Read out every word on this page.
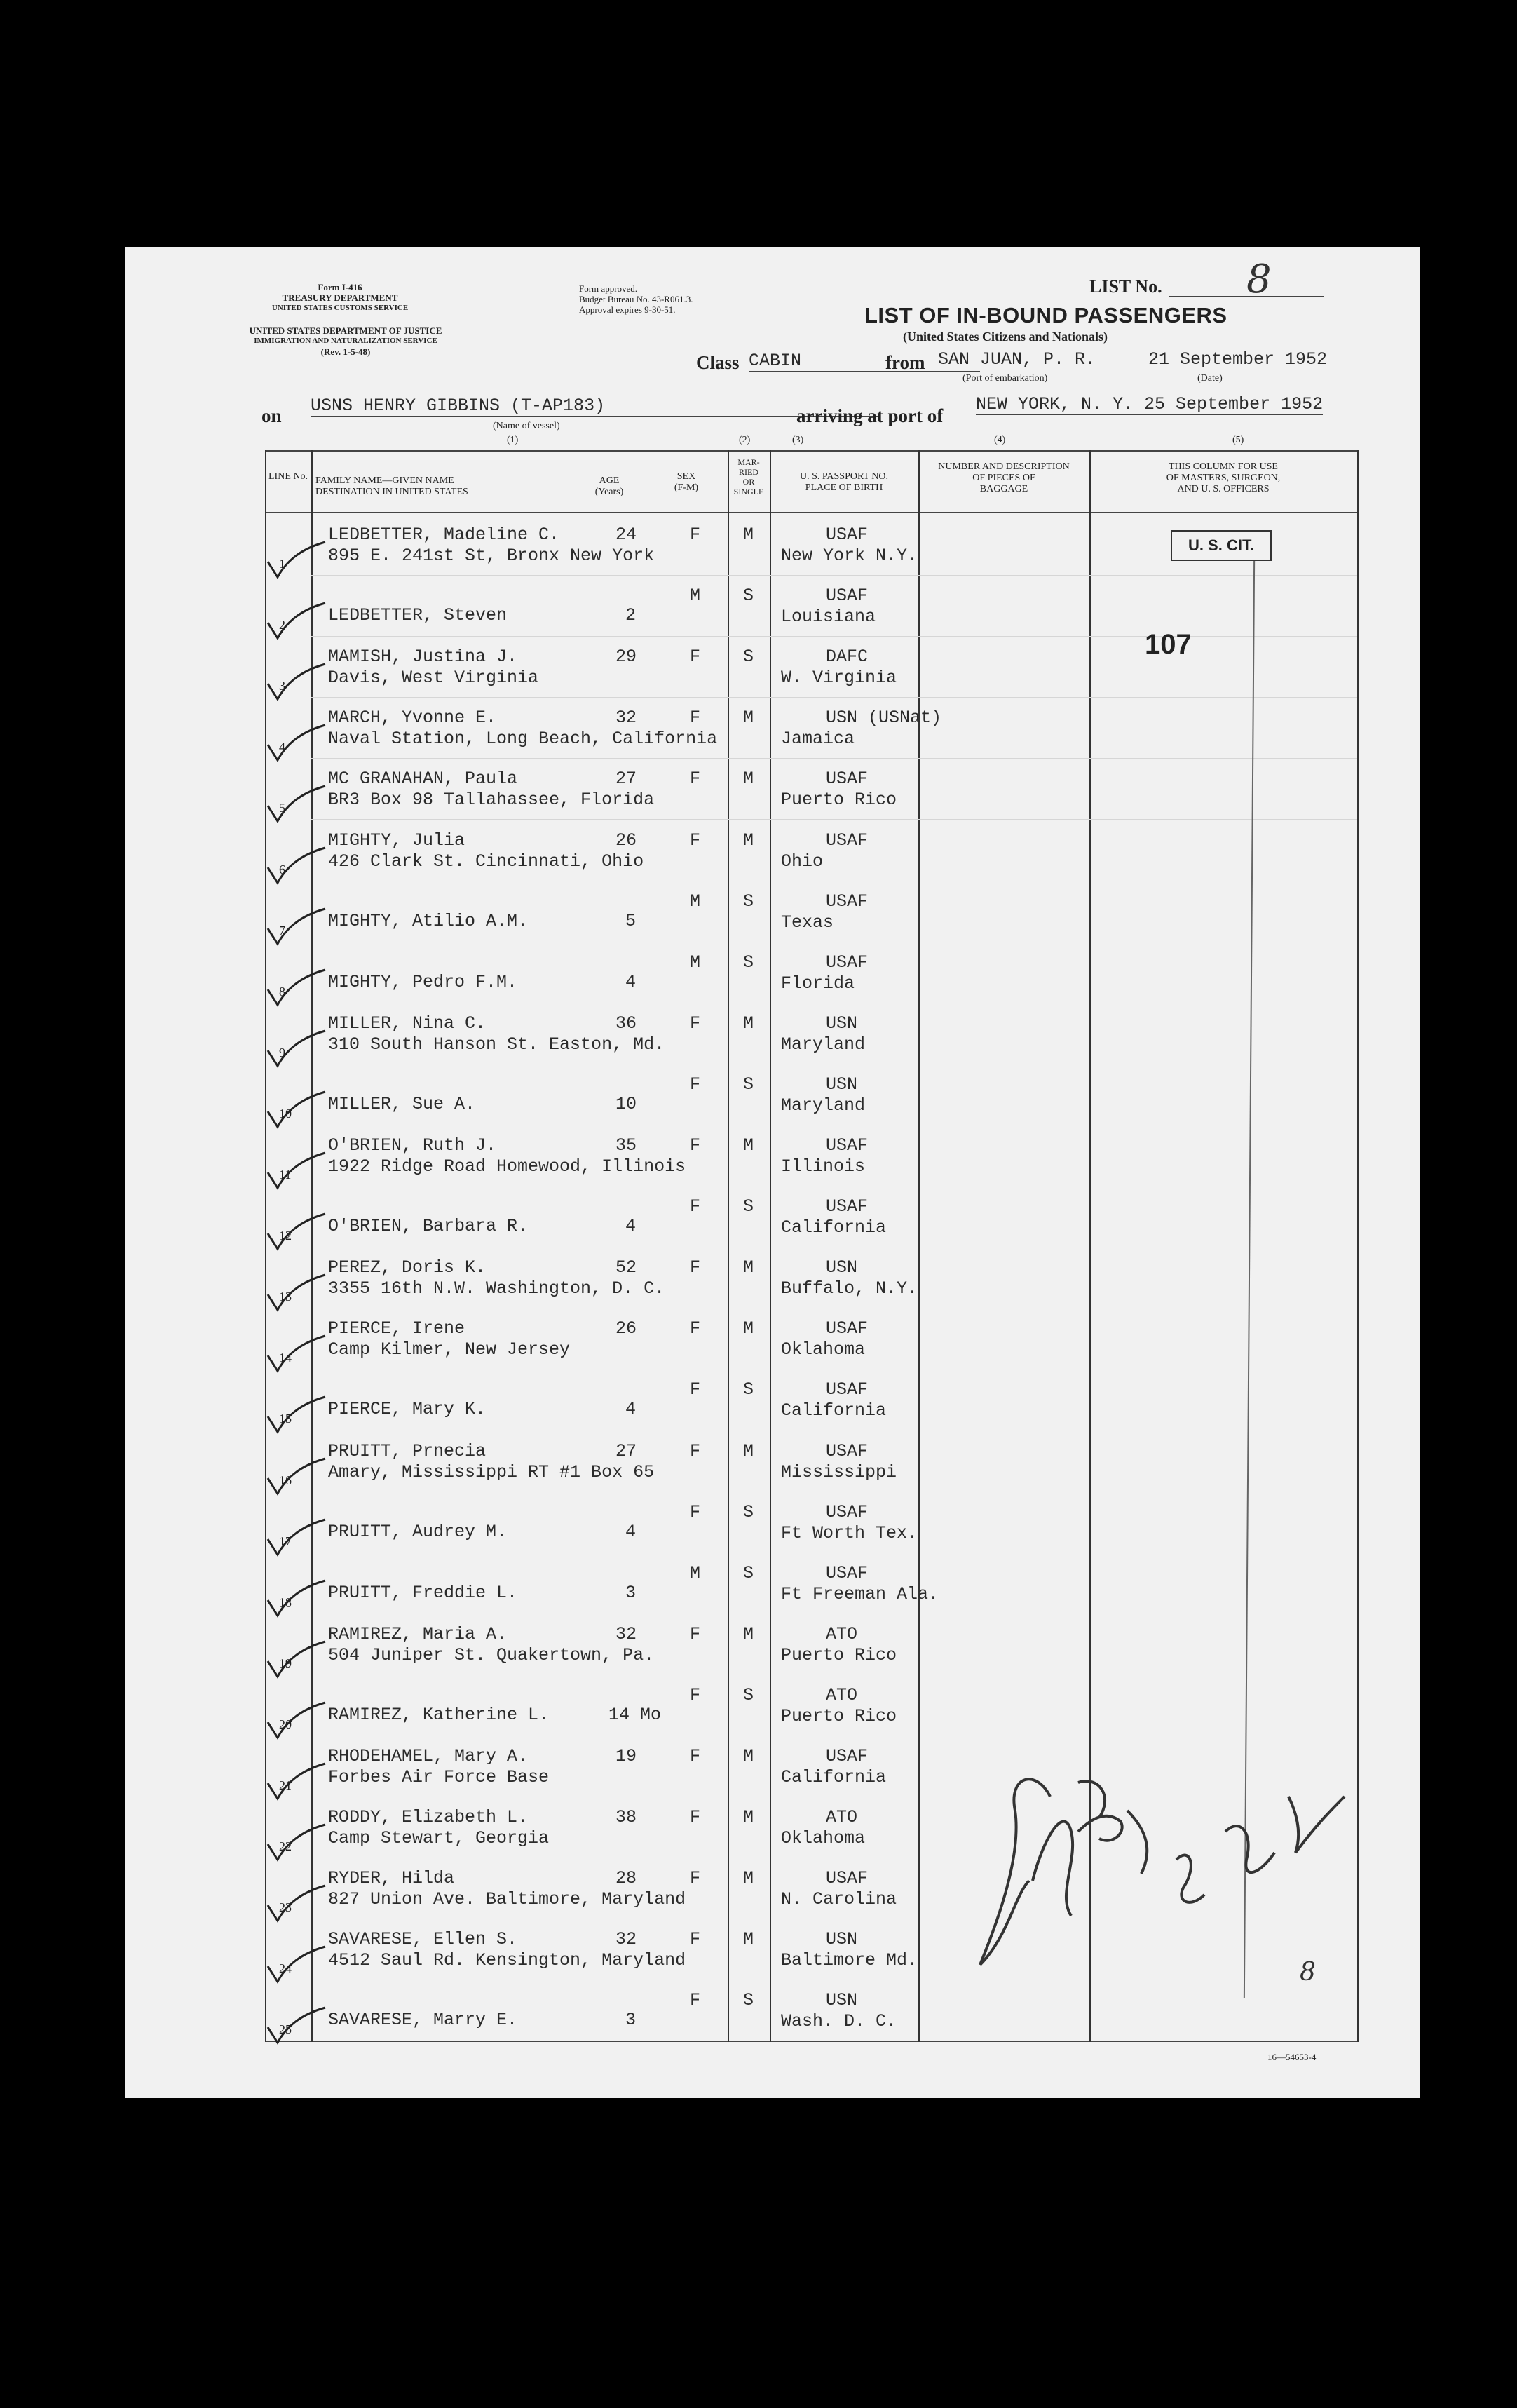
Form I-416
TREASURY DEPARTMENT
UNITED STATES CUSTOMS SERVICE
UNITED STATES DEPARTMENT OF JUSTICE
IMMIGRATION AND NATURALIZATION SERVICE
(Rev. 1-5-48)
Form approved.
Budget Bureau No. 43-R061.3.
Approval expires 9-30-51.
LIST No. 8
LIST OF IN-BOUND PASSENGERS
(United States Citizens and Nationals)
Class CABIN	from SAN JUAN, P. R.
(Port of embarkation)
21 September 1952
(Date)
on USNS HENRY GIBBINS (T-AP183)
(Name of vessel)
(1)
arriving at port of
NEW YORK, N. Y. 25 September 1952
(2)	(3)	(4)	(5)
LINE No. FAMILY NAME—GIVEN NAME
DESTINATION IN UNITED STATES
AGE
(Years)
SEX
(F-M)
MAR-
RIED
OR
SINGLE
U. S. PASSPORT NO.
PLACE OF BIRTH
NUMBER AND DESCRIPTION
OF PIECES OF
BAGGAGE
THIS COLUMN FOR USE
OF MASTERS, SURGEON,
AND U. S. OFFICERS
1
LEDBETTER, Madeline C.	24
895 E. 241st St, Bronx New York
F M	USAF
New York N.Y.
2 LEDBETTER, Steven	2
M S	USAF
Louisiana
3
MAMISH, Justina J.	29
Davis, West Virginia
F S	DAFC
W. Virginia
4
MARCH, Yvonne E.	32
Naval Station, Long Beach, California
F M	USN (USNat)
Jamaica
5
MC GRANAHAN, Paula	27
BR3 Box 98 Tallahassee, Florida
F M	USAF
Puerto Rico
6
MIGHTY, Julia	26
426 Clark St. Cincinnati, Ohio
F M	USAF
Ohio
7 MIGHTY, Atilio A.M.	5
M S	USAF
Texas
8 MIGHTY, Pedro F.M.	4
M S	USAF
Florida
9
MILLER, Nina C.	36
310 South Hanson St. Easton, Md.
F M	USN
Maryland
10 MILLER, Sue A.	10
F S	USN
Maryland
11
O'BRIEN, Ruth J.	35
1922 Ridge Road Homewood, Illinois
F M	USAF
Illinois
12 O'BRIEN, Barbara R.	4
F S	USAF
California
13
PEREZ, Doris K.	52
3355 16th N.W. Washington, D. C.
F M	USN
Buffalo, N.Y.
14
PIERCE, Irene	26
Camp Kilmer, New Jersey
F M	USAF
Oklahoma
15 PIERCE, Mary K.	4
F S	USAF
California
16
PRUITT, Prnecia	27
Amary, Mississippi RT #1 Box 65
F M	USAF
Mississippi
17 PRUITT, Audrey M.	4
F S	USAF
Ft Worth Tex.
18 PRUITT, Freddie L.	3
M S	USAF
Ft Freeman Ala.
19
RAMIREZ, Maria A.	32
504 Juniper St. Quakertown, Pa.
F M	ATO
Puerto Rico
20 RAMIREZ, Katherine L.	14 Mo
F S	ATO
Puerto Rico
21
RHODEHAMEL, Mary A.	19
Forbes Air Force Base
F M	USAF
California
22
RODDY, Elizabeth L.	38
Camp Stewart, Georgia
F M	ATO
Oklahoma
23
RYDER, Hilda	28
827 Union Ave. Baltimore, Maryland
F M	USAF
N. Carolina
24
SAVARESE, Ellen S.	32
4512 Saul Rd. Kensington, Maryland
F M	USN
Baltimore Md.
25 SAVARESE, Marry E.	3
F S	USN
Wash. D. C.
U. S. CIT.
107
8
16—54653-4
